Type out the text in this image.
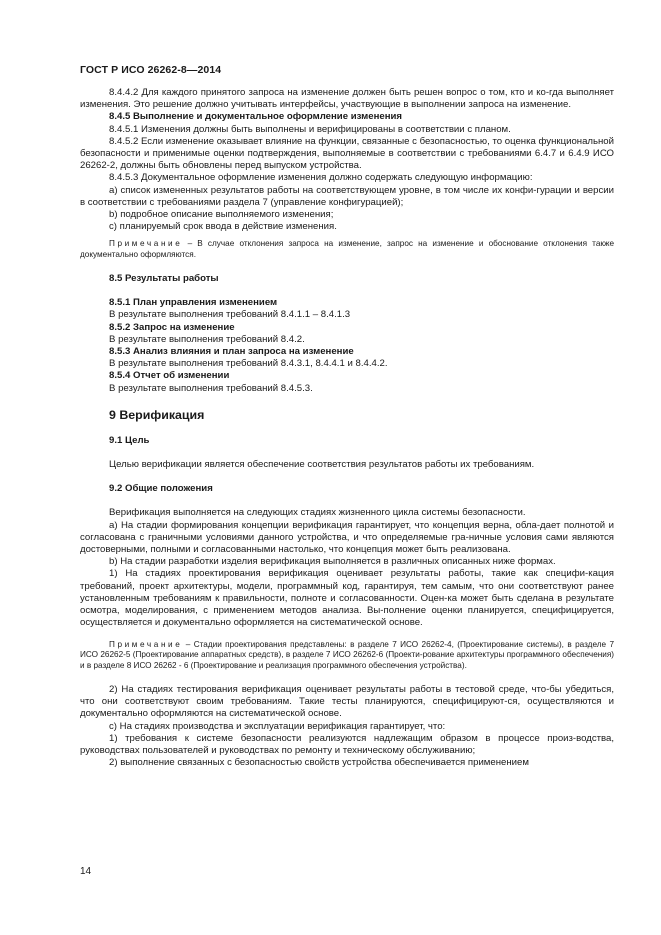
ГОСТ Р ИСО 26262-8—2014

8.4.4.2 Для каждого принятого запроса на изменение должен быть решен вопрос о том, кто и ко-гда выполняет изменения. Это решение должно учитывать интерфейсы, участвующие в выполнении запроса на изменение.

8.4.5 Выполнение и документальное оформление изменения

8.4.5.1 Изменения должны быть выполнены и верифицированы в соответствии с планом.

8.4.5.2 Если изменение оказывает влияние на функции, связанные с безопасностью, то оценка функциональной безопасности и применимые оценки подтверждения, выполняемые в соответствии с требованиями 6.4.7 и 6.4.9 ИСО 26262-2, должны быть обновлены перед выпуском устройства.

8.4.5.3 Документальное оформление изменения должно содержать следующую информацию:

а) список измененных результатов работы на соответствующем уровне, в том числе их конфи-гурации и версии в соответствии с требованиями раздела 7 (управление конфигурацией);

b) подробное описание выполняемого изменения;

с) планируемый срок ввода в действие изменения.

Примечание – В случае отклонения запроса на изменение, запрос на изменение и обоснование отклонения также документально оформляются.

8.5 Результаты работы

8.5.1 План управления изменением

В результате выполнения требований 8.4.1.1 – 8.4.1.3

8.5.2 Запрос на изменение

В результате выполнения требований 8.4.2.

8.5.3 Анализ влияния и план запроса на изменение

В результате выполнения требований 8.4.3.1, 8.4.4.1 и 8.4.4.2.

8.5.4 Отчет об изменении

В результате выполнения требований 8.4.5.3.

9 Верификация

9.1 Цель

Целью верификации является обеспечение соответствия результатов работы их требованиям.

9.2 Общие положения

Верификация выполняется на следующих стадиях жизненного цикла системы безопасности.

а) На стадии формирования концепции верификация гарантирует, что концепция верна, обла-дает полнотой и согласована с граничными условиями данного устройства, и что определяемые гра-ничные условия сами являются достоверными, полными и согласованными настолько, что концепция может быть реализована.

b) На стадии разработки изделия верификация выполняется в различных описанных ниже формах.

1) На стадиях проектирования верификация оценивает результаты работы, такие как специфи-кация требований, проект архитектуры, модели, программный код, гарантируя, тем самым, что они соответствуют ранее установленным требованиям к правильности, полноте и согласованности. Оцен-ка может быть сделана в результате осмотра, моделирования, с применением методов анализа. Вы-полнение оценки планируется, специфицируется, осуществляется и документально оформляется на систематической основе.

Примечание – Стадии проектирования представлены: в разделе 7 ИСО 26262-4, (Проектирование системы), в разделе 7 ИСО 26262-5 (Проектирование аппаратных средств), в разделе 7 ИСО 26262-6 (Проекти-рование архитектуры программного обеспечения) и в разделе 8 ИСО 26262 - 6 (Проектирование и реализация программного обеспечения устройства).

2) На стадиях тестирования верификация оценивает результаты работы в тестовой среде, что-бы убедиться, что они соответствуют своим требованиям. Такие тесты планируются, специфицируют-ся, осуществляются и документально оформляются на систематической основе.

с) На стадиях производства и эксплуатации верификация гарантирует, что:

1) требования к системе безопасности реализуются надлежащим образом в процессе произ-водства, руководствах пользователей и руководствах по ремонту и техническому обслуживанию;

2) выполнение связанных с безопасностью свойств устройства обеспечивается применением

14
